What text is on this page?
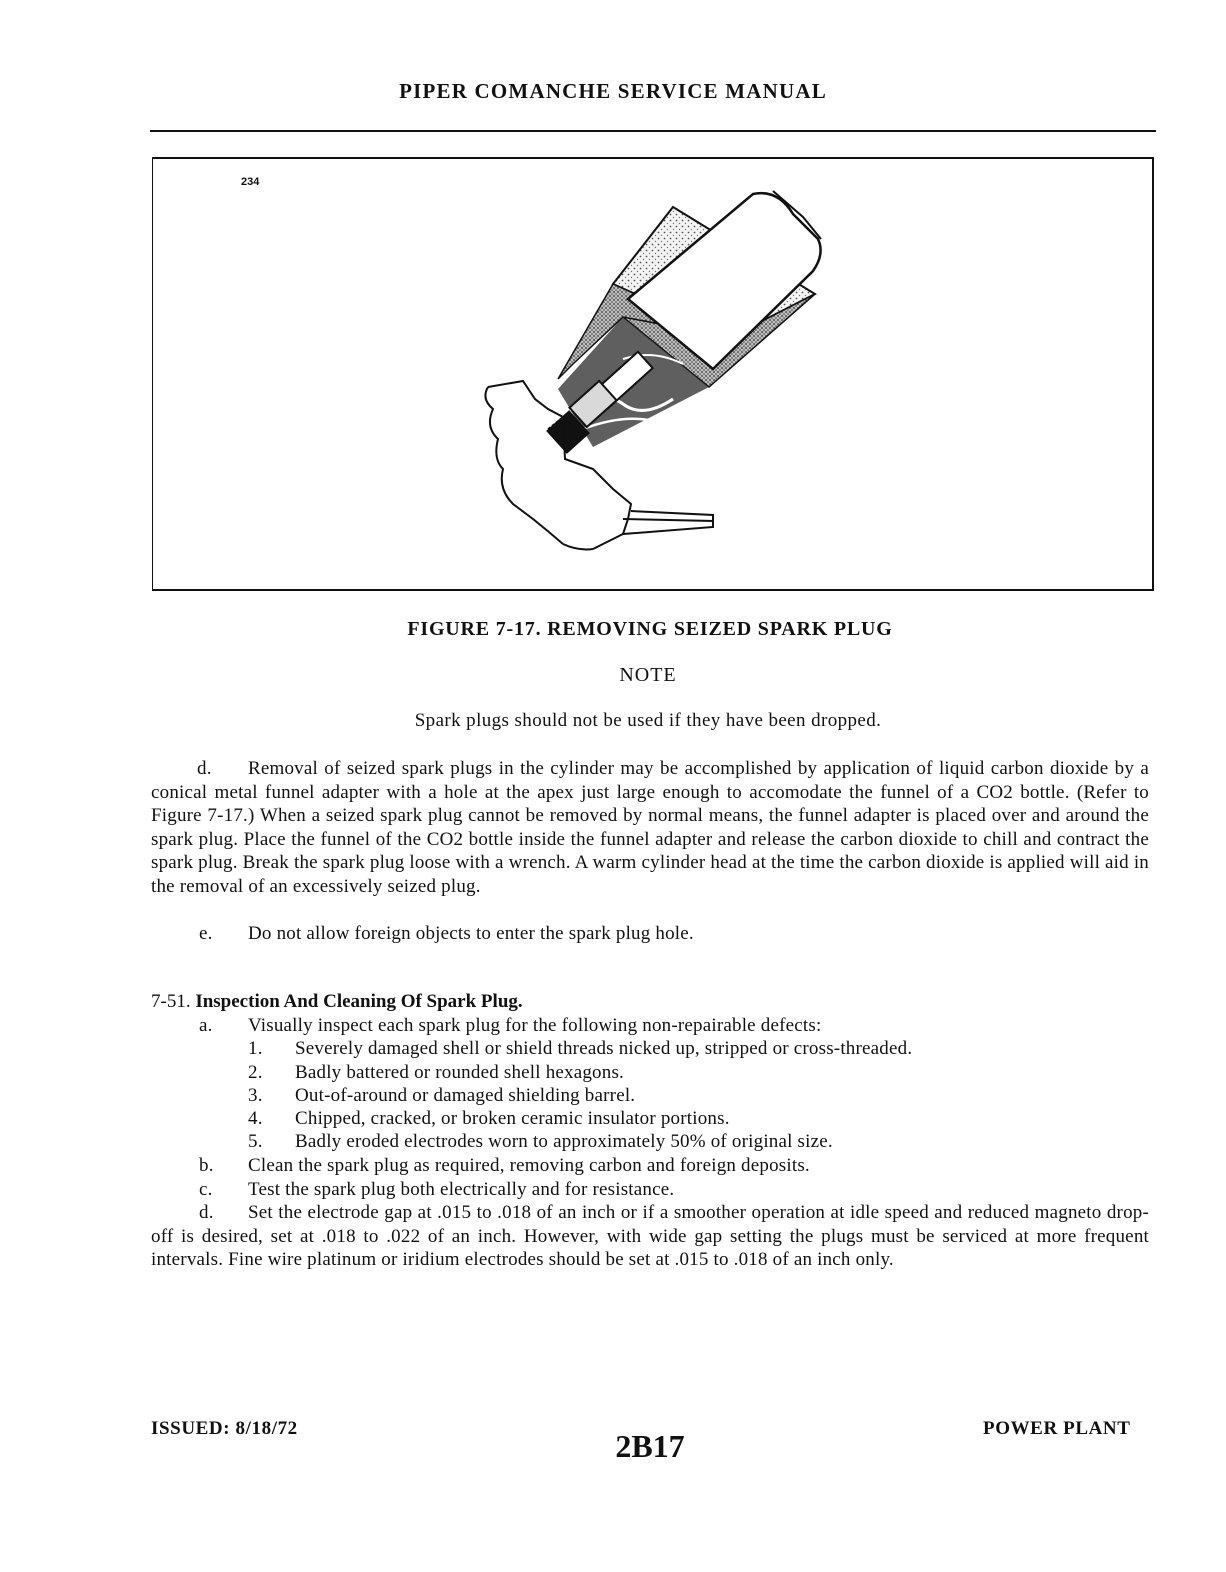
PIPER COMANCHE SERVICE MANUAL
234
FIGURE 7-17. REMOVING SEIZED SPARK PLUG
NOTE
Spark plugs should not be used if they have been dropped.
d. Removal of seized spark plugs in the cylinder may be accomplished by application of liquid carbon dioxide by a conical metal funnel adapter with a hole at the apex just large enough to accomodate the funnel of a CO2 bottle. (Refer to Figure 7-17.) When a seized spark plug cannot be removed by normal means, the funnel adapter is placed over and around the spark plug. Place the funnel of the CO2 bottle inside the funnel adapter and release the carbon dioxide to chill and contract the spark plug. Break the spark plug loose with a wrench. A warm cylinder head at the time the carbon dioxide is applied will aid in the removal of an excessively seized plug.
e. Do not allow foreign objects to enter the spark plug hole.
7-51. Inspection And Cleaning Of Spark Plug.
a. Visually inspect each spark plug for the following non-repairable defects:
1. Severely damaged shell or shield threads nicked up, stripped or cross-threaded.
2. Badly battered or rounded shell hexagons.
3. Out-of-around or damaged shielding barrel.
4. Chipped, cracked, or broken ceramic insulator portions.
5. Badly eroded electrodes worn to approximately 50% of original size.
b. Clean the spark plug as required, removing carbon and foreign deposits.
c. Test the spark plug both electrically and for resistance.
d. Set the electrode gap at .015 to .018 of an inch or if a smoother operation at idle speed and reduced magneto drop-off is desired, set at .018 to .022 of an inch. However, with wide gap setting the plugs must be serviced at more frequent intervals. Fine wire platinum or iridium electrodes should be set at .015 to .018 of an inch only.
ISSUED: 8/18/72	2B17	POWER PLANT
